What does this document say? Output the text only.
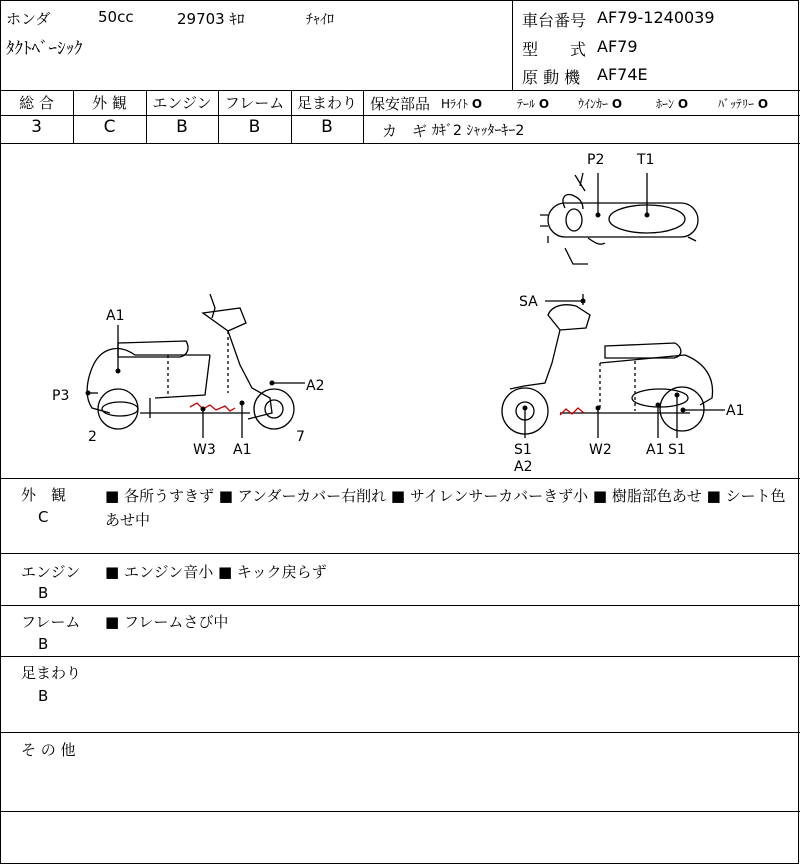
ホンダ	50cc	29703 ｷﾛ	ﾁｬｲﾛ
ﾀｸﾄﾍﾞｰｼｯｸ
車台番号 AF79-1240039
型　　式 AF79
原 動 機 AF74E
総 合	外 観	エンジン フレーム 足まわり
3	C	B	B	B
保安部品 Hﾗｲﾄ O	ﾃｰﾙ O ｳｲﾝｶｰ O	ﾎｰﾝ O ﾊﾞｯﾃﾘｰ O
カ　ギ ｶｷﾞ2 ｼｬｯﾀｰｷｰ2
P2 T1
A1
P3
A2
2
W3 A1
7
SA
A1
S1
A2
W2 A1 S1
外　観
C
■ 各所うすきず ■ アンダーカバー右削れ ■ サイレンサーカバーきず小 ■ 樹脂部色あせ ■ シート色あせ中
エンジン
B
■ エンジン音小 ■ キック戻らず
フレーム
B
■ フレームさび中
足まわり
B
そ の 他
